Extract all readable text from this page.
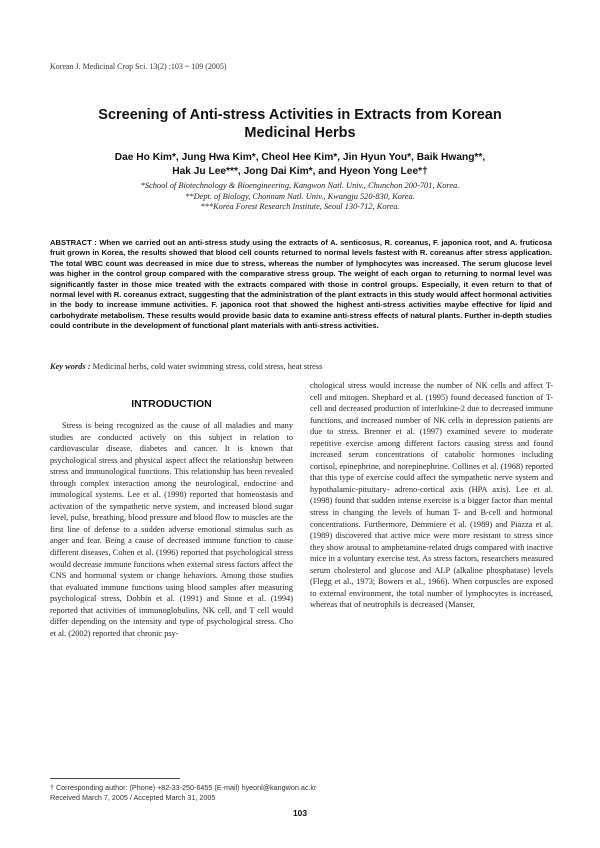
Korean J. Medicinal Crop Sci. 13(2) :103 ~ 109 (2005)
Screening of Anti-stress Activities in Extracts from Korean
Medicinal Herbs
Dae Ho Kim*, Jung Hwa Kim*, Cheol Hee Kim*, Jin Hyun You*, Baik Hwang**,
Hak Ju Lee***, Jong Dai Kim*, and Hyeon Yong Lee*†
*School of Biotechnology & Bioengineering, Kangwon Natl. Univ., Chunchon 200-701, Korea.
**Dept. of Biology, Chonnam Natl. Univ., Kwangju 520-830, Korea.
***Korea Forest Research Institute, Seoul 130-712, Korea.
ABSTRACT : When we carried out an anti-stress study using the extracts of A. senticosus, R. coreanus, F. japonica root, and A. fruticosa fruit grown in Korea, the results showed that blood cell counts returned to normal levels fastest with R. coreanus after stress application. The total WBC count was decreased in mice due to stress, whereas the number of lymphocytes was increased. The serum glucose level was higher in the control group compared with the comparative stress group. The weight of each organ to returning to normal level was significantly faster in those mice treated with the extracts compared with those in control groups. Especially, it even return to that of normal level with R. coreanus extract, suggesting that the administration of the plant extracts in this study would affect hormonal activities in the body to increase immune activities. F. japonica root that showed the highest anti-stress activities maybe effective for lipid and carbohydrate metabolism. These results would provide basic data to examine anti-stress effects of natural plants. Further in-depth studies could contribute in the development of functional plant materials with anti-stress activities.
Key words : Medicinal herbs, cold water swimming stress, cold stress, heat stress
INTRODUCTION

Stress is being recognized as the cause of all maladies and many studies are conducted actively on this subject in relation to cardiovascular disease, diabetes and cancer. It is known that psychological stress and physical aspect affect the relationship between stress and immunological functions. This relationship has been revealed through complex interaction among the neurological, endocrine and immological systems. Lee et al. (1998) reported that homeostasis and activation of the sympathetic nerve system, and increased blood sugar level, pulse, breathing, blood pressure and blood flow to muscles are the first line of defense to a sudden adverse emotional stimulus such as anger and fear. Being a cause of decreased immune function to cause different diseases, Cohen et al. (1996) reported that psychological stress would decrease immune functions when external stress factors affect the CNS and hormonal system or change behaviors. Among those studies that evaluated immune functions using blood samples after measuring psychological stress, Dobbin et al. (1991) and Stone et al. (1994) reported that activities of immunoglobulins, NK cell, and T cell would differ depending on the intensity and type of psychological stress. Cho et al. (2002) reported that chronic psy-

chological stress would increase the number of NK cells and affect T-cell and mitogen. Shephard et al. (1995) found deceased function of T-cell and decreased production of interlukine-2 due to decreased immune functions, and increased number of NK cells in depression patients are due to stress. Brenner et al. (1997) examined severe to moderate repetitive exercise among different factors causing stress and found increased serum concentrations of catabolic hormones including cortisol, epinephrine, and norepinephrine. Collines et al. (1968) reported that this type of exercise could affect the sympathetic nerve system and hypothalamic-pituitary- adreno-cortical axis (HPA axis). Lee et al. (1998) found that sudden intense exercise is a bigger factor than mental stress in changing the levels of human T- and B-cell and hormonal concentrations. Furthermore, Demmiere et al. (1989) and Piazza et al. (1989) discovered that active mice were more resistant to stress since they show arousal to amphetamine-related drugs compared with inactive mice in a voluntary exercise test. As stress factors, researchers measured serum cholesterol and glucose and ALP (alkaline phosphatase) levels (Flegg et al., 1973; Bowers et al., 1966). When corpuscles are exposed to external environment, the total number of lymphocytes is increased, whereas that of neutrophils is decreased (Manser,

† Corresponding author: (Phone) +82-33-250-6455 (E-mail) hyeonl@kangwon.ac.kr
Received March 7, 2005 / Accepted March 31, 2005
103
